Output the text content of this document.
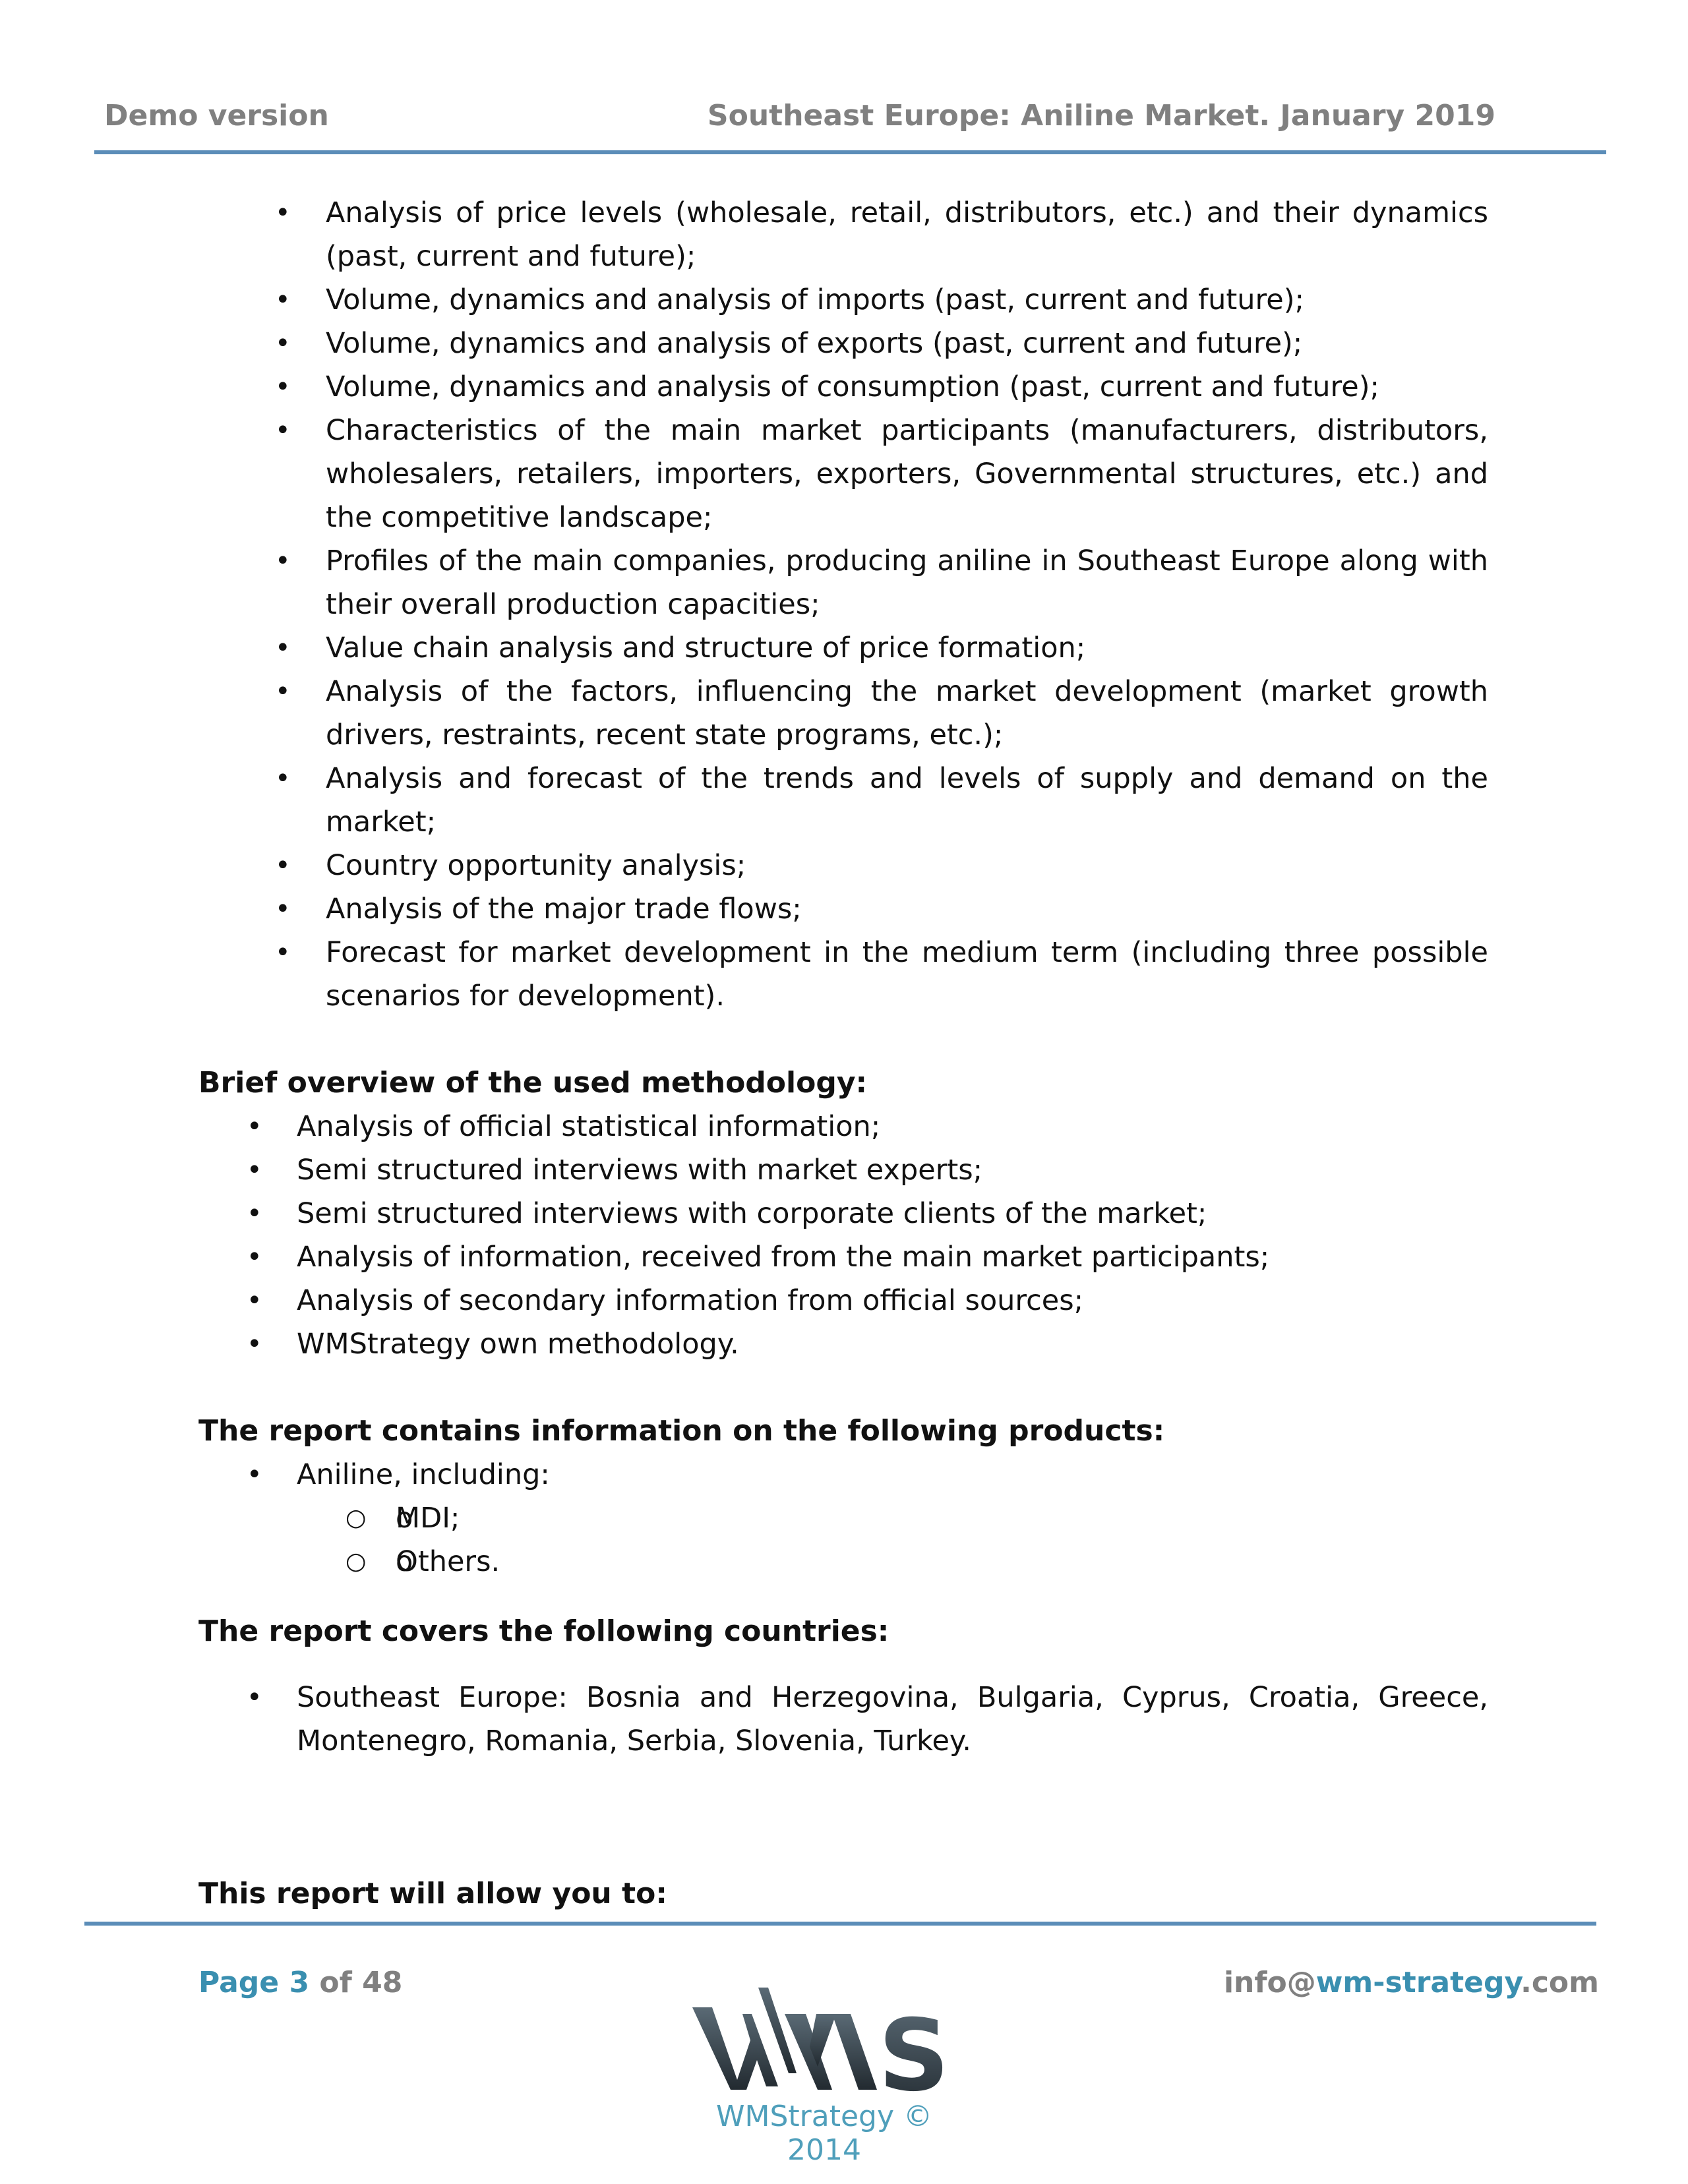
Demo version	Southeast Europe: Aniline Market. January 2019
• Analysis of price levels (wholesale, retail, distributors, etc.) and their dynamics (past, current and future);
• Volume, dynamics and analysis of imports (past, current and future);
• Volume, dynamics and analysis of exports (past, current and future);
• Volume, dynamics and analysis of consumption (past, current and future);
• Characteristics of the main market participants (manufacturers, distributors, wholesalers, retailers, importers, exporters, Governmental structures, etc.) and the competitive landscape;
• Profiles of the main companies, producing aniline in Southeast Europe along with their overall production capacities;
• Value chain analysis and structure of price formation;
• Analysis of the factors, influencing the market development (market growth drivers, restraints, recent state programs, etc.);
• Analysis and forecast of the trends and levels of supply and demand on the market;
• Country opportunity analysis;
• Analysis of the major trade flows;
• Forecast for market development in the medium term (including three possible scenarios for development).

Brief overview of the used methodology:

• Analysis of official statistical information;
• Semi structured interviews with market experts;
• Semi structured interviews with corporate clients of the market;
• Analysis of information, received from the main market participants;
• Analysis of secondary information from official sources;
• WMStrategy own methodology.

The report contains information on the following products:

• Aniline, including:
o ○ MDI;
o ○ Others.

The report covers the following countries:

• Southeast Europe: Bosnia and Herzegovina, Bulgaria, Cyprus, Croatia, Greece, Montenegro, Romania, Serbia, Slovenia, Turkey.

This report will allow you to:

Page 3 of 48	info@wm-strategy.com
S
WMStrategy © 2014
